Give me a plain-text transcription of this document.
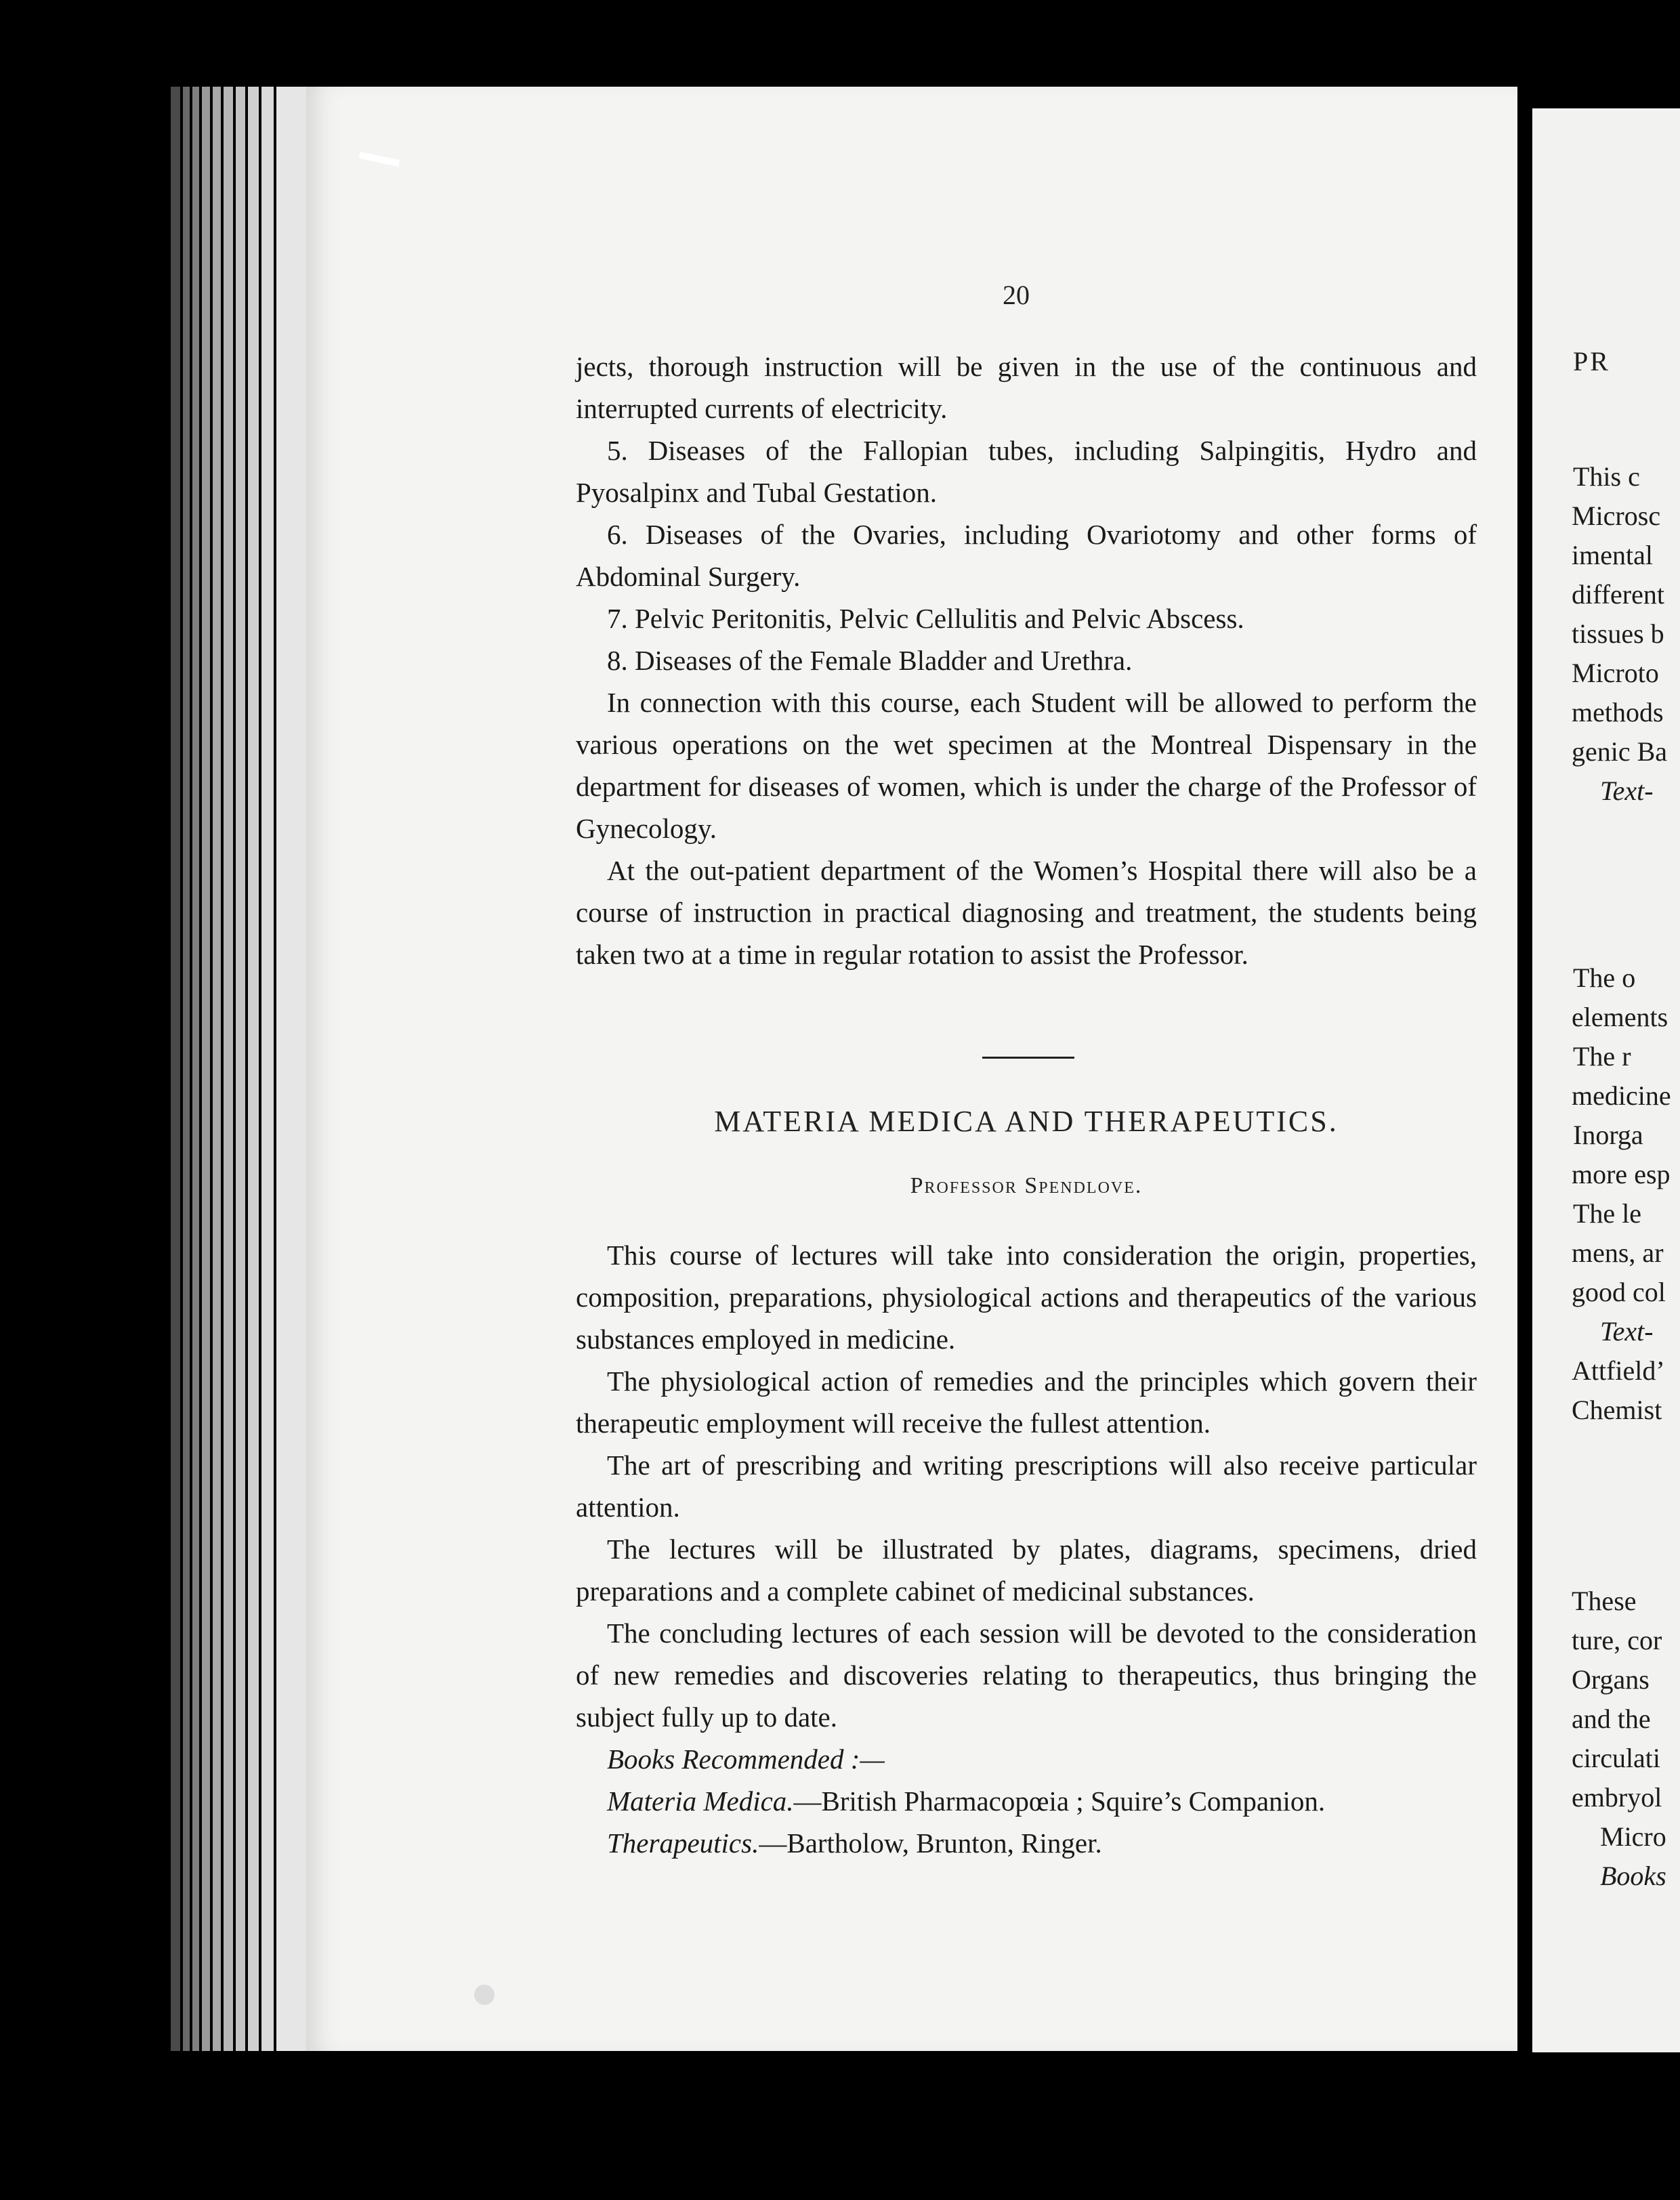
20

jects, thorough instruction will be given in the use of the continuous and interrupted currents of electricity.

5. Diseases of the Fallopian tubes, including Salpingitis, Hydro and Pyosalpinx and Tubal Gestation.

6. Diseases of the Ovaries, including Ovariotomy and other forms of Abdominal Surgery.

7. Pelvic Peritonitis, Pelvic Cellulitis and Pelvic Abscess.

8. Diseases of the Female Bladder and Urethra.

In connection with this course, each Student will be allowed to perform the various operations on the wet specimen at the Montreal Dispensary in the department for diseases of women, which is under the charge of the Professor of Gynecology.

At the out-patient department of the Women’s Hospital there will also be a course of instruction in practical diagnosing and treatment, the students being taken two at a time in regular rotation to assist the Professor.

MATERIA MEDICA AND THERAPEUTICS.
Professor Spendlove.

This course of lectures will take into consideration the origin, properties, composition, preparations, physiological actions and therapeutics of the various substances employed in medicine.

The physiological action of remedies and the principles which govern their therapeutic employment will receive the fullest attention.

The art of prescribing and writing prescriptions will also receive particular attention.

The lectures will be illustrated by plates, diagrams, specimens, dried preparations and a complete cabinet of medicinal substances.

The concluding lectures of each session will be devoted to the consideration of new remedies and discoveries relating to therapeutics, thus bringing the subject fully up to date.

Books Recommended :—

Materia Medica.—British Pharmacopœia ; Squire’s Companion.

Therapeutics.—Bartholow, Brunton, Ringer.

PR
This c
Microsc
imental
different
tissues b
Microto
methods
genic Ba
Text-
The o
elements
The r
medicine
Inorga
more esp
The le
mens, ar
good col
Text-
Attfield’
Chemist
These
ture, cor
Organs
and the
circulati
embryol
Micro
Books
